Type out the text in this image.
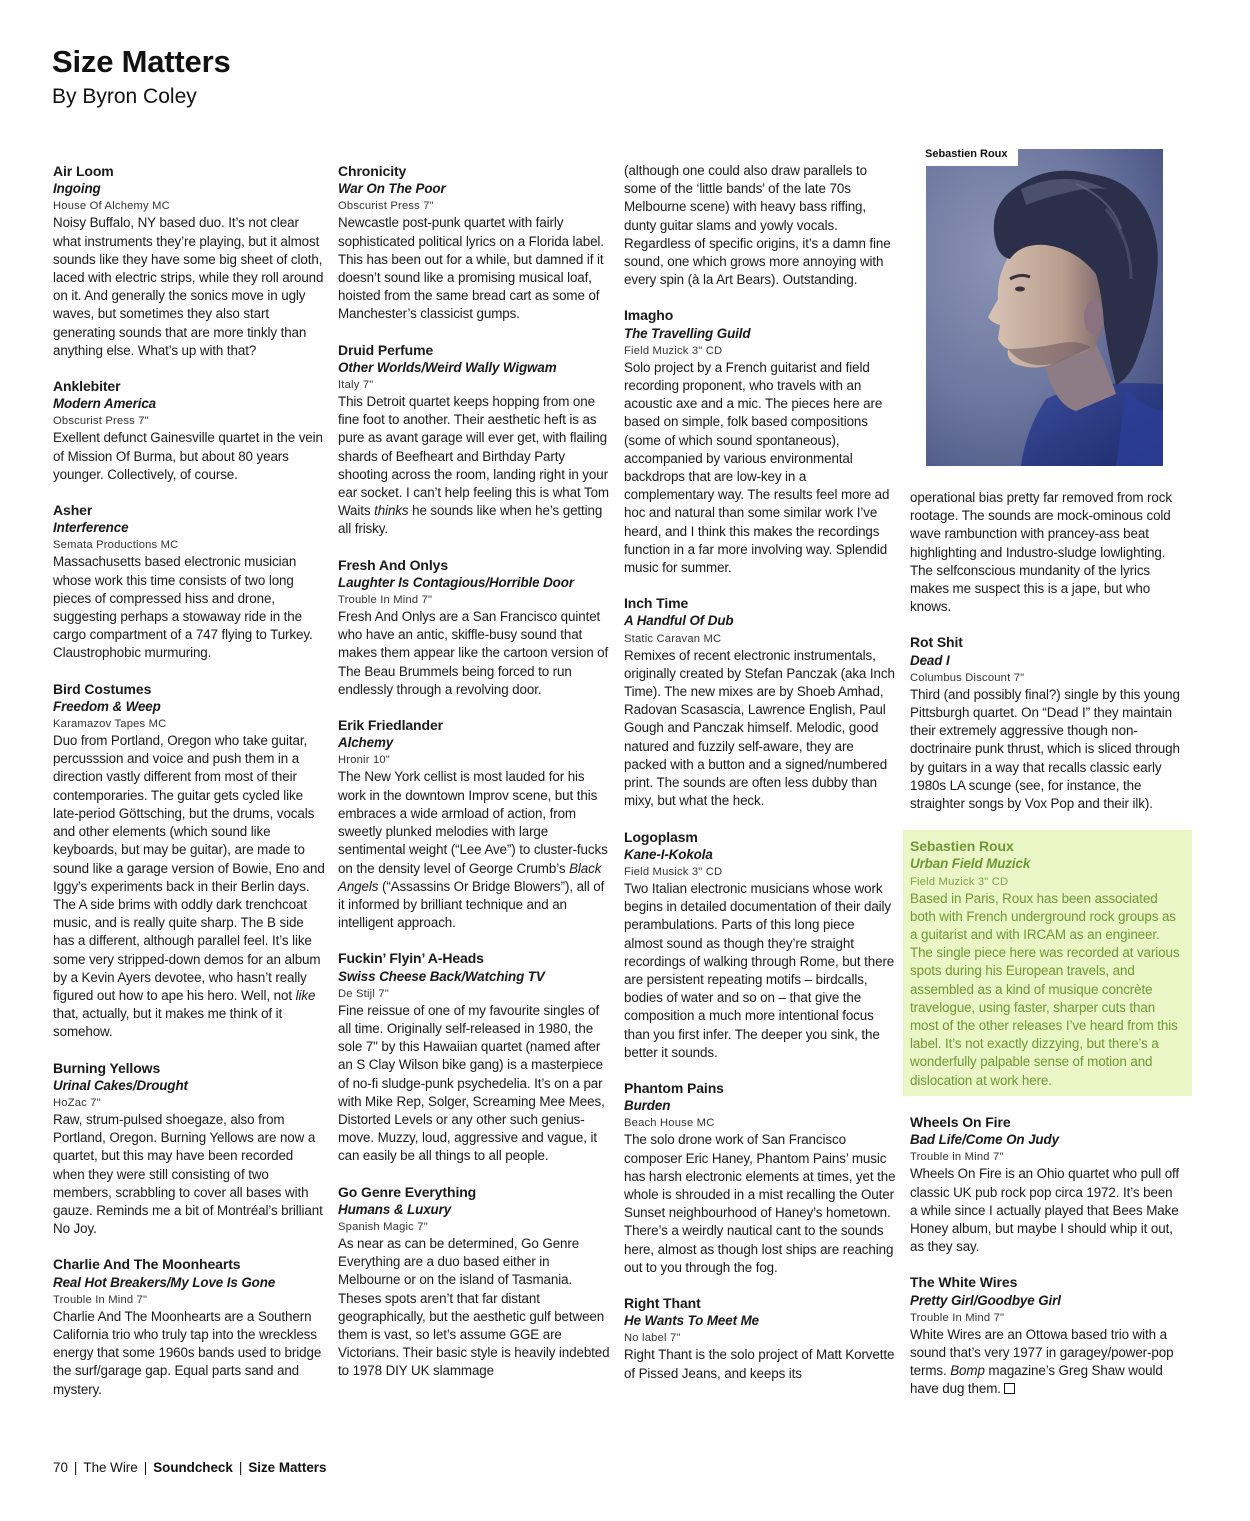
Size Matters
By Byron Coley
Air Loom
Ingoing
House Of Alchemy MC
Noisy Buffalo, NY based duo. It’s not clear what instruments they’re playing, but it almost sounds like they have some big sheet of cloth, laced with electric strips, while they roll around on it. And generally the sonics move in ugly waves, but sometimes they also start generating sounds that are more tinkly than anything else. What’s up with that?
Anklebiter
Modern America
Obscurist Press 7"
Exellent defunct Gainesville quartet in the vein of Mission Of Burma, but about 80 years younger. Collectively, of course.
Asher
Interference
Semata Productions MC
Massachusetts based electronic musician whose work this time consists of two long pieces of compressed hiss and drone, suggesting perhaps a stowaway ride in the cargo compartment of a 747 flying to Turkey. Claustrophobic murmuring.
Bird Costumes
Freedom & Weep
Karamazov Tapes MC
Duo from Portland, Oregon who take guitar, percusssion and voice and push them in a direction vastly different from most of their contemporaries. The guitar gets cycled like late-period Göttsching, but the drums, vocals and other elements (which sound like keyboards, but may be guitar), are made to sound like a garage version of Bowie, Eno and Iggy’s experiments back in their Berlin days. The A side brims with oddly dark trenchcoat music, and is really quite sharp. The B side has a different, although parallel feel. It’s like some very stripped-down demos for an album by a Kevin Ayers devotee, who hasn’t really figured out how to ape his hero. Well, not like that, actually, but it makes me think of it somehow.
Burning Yellows
Urinal Cakes/Drought
HoZac 7"
Raw, strum-pulsed shoegaze, also from Portland, Oregon. Burning Yellows are now a quartet, but this may have been recorded when they were still consisting of two members, scrabbling to cover all bases with gauze. Reminds me a bit of Montréal’s brilliant No Joy.
Charlie And The Moonhearts
Real Hot Breakers/My Love Is Gone
Trouble In Mind 7"
Charlie And The Moonhearts are a Southern California trio who truly tap into the wreckless energy that some 1960s bands used to bridge the surf/garage gap. Equal parts sand and mystery.
Chronicity
War On The Poor
Obscurist Press 7"
Newcastle post-punk quartet with fairly sophisticated political lyrics on a Florida label. This has been out for a while, but damned if it doesn’t sound like a promising musical loaf, hoisted from the same bread cart as some of Manchester’s classicist gumps.
Druid Perfume
Other Worlds/Weird Wally Wigwam
Italy 7"
This Detroit quartet keeps hopping from one fine foot to another. Their aesthetic heft is as pure as avant garage will ever get, with flailing shards of Beefheart and Birthday Party shooting across the room, landing right in your ear socket. I can’t help feeling this is what Tom Waits thinks he sounds like when he’s getting all frisky.
Fresh And Onlys
Laughter Is Contagious/Horrible Door
Trouble In Mind 7"
Fresh And Onlys are a San Francisco quintet who have an antic, skiffle-busy sound that makes them appear like the cartoon version of The Beau Brummels being forced to run endlessly through a revolving door.
Erik Friedlander
Alchemy
Hronir 10"
The New York cellist is most lauded for his work in the downtown Improv scene, but this embraces a wide armload of action, from sweetly plunked melodies with large sentimental weight (“Lee Ave”) to cluster-fucks on the density level of George Crumb’s Black Angels (“Assassins Or Bridge Blowers”), all of it informed by brilliant technique and an intelligent approach.
Fuckin’ Flyin’ A-Heads
Swiss Cheese Back/Watching TV
De Stijl 7"
Fine reissue of one of my favourite singles of all time. Originally self-released in 1980, the sole 7" by this Hawaiian quartet (named after an S Clay Wilson bike gang) is a masterpiece of no-fi sludge-punk psychedelia. It’s on a par with Mike Rep, Solger, Screaming Mee Mees, Distorted Levels or any other such genius-move. Muzzy, loud, aggressive and vague, it can easily be all things to all people.
Go Genre Everything
Humans & Luxury
Spanish Magic 7"
As near as can be determined, Go Genre Everything are a duo based either in Melbourne or on the island of Tasmania. Theses spots aren’t that far distant geographically, but the aesthetic gulf between them is vast, so let’s assume GGE are Victorians. Their basic style is heavily indebted to 1978 DIY UK slammage
(although one could also draw parallels to some of the ‘little bands’ of the late 70s Melbourne scene) with heavy bass riffing, dunty guitar slams and yowly vocals. Regardless of specific origins, it’s a damn fine sound, one which grows more annoying with every spin (à la Art Bears). Outstanding.
Imagho
The Travelling Guild
Field Muzick 3" CD
Solo project by a French guitarist and field recording proponent, who travels with an acoustic axe and a mic. The pieces here are based on simple, folk based compositions (some of which sound spontaneous), accompanied by various environmental backdrops that are low-key in a complementary way. The results feel more ad hoc and natural than some similar work I’ve heard, and I think this makes the recordings function in a far more involving way. Splendid music for summer.
Inch Time
A Handful Of Dub
Static Caravan MC
Remixes of recent electronic instrumentals, originally created by Stefan Panczak (aka Inch Time). The new mixes are by Shoeb Amhad, Radovan Scasascia, Lawrence English, Paul Gough and Panczak himself. Melodic, good natured and fuzzily self-aware, they are packed with a button and a signed/numbered print. The sounds are often less dubby than mixy, but what the heck.
Logoplasm
Kane-I-Kokola
Field Musick 3" CD
Two Italian electronic musicians whose work begins in detailed documentation of their daily perambulations. Parts of this long piece almost sound as though they’re straight recordings of walking through Rome, but there are persistent repeating motifs – birdcalls, bodies of water and so on – that give the composition a much more intentional focus than you first infer. The deeper you sink, the better it sounds.
Phantom Pains
Burden
Beach House MC
The solo drone work of San Francisco composer Eric Haney, Phantom Pains’ music has harsh electronic elements at times, yet the whole is shrouded in a mist recalling the Outer Sunset neighbourhood of Haney’s hometown. There’s a weirdly nautical cant to the sounds here, almost as though lost ships are reaching out to you through the fog.
Right Thant
He Wants To Meet Me
No label 7"
Right Thant is the solo project of Matt Korvette of Pissed Jeans, and keeps its
Sebastien Roux
operational bias pretty far removed from rock rootage. The sounds are mock-ominous cold wave rambunction with prancey-ass beat highlighting and Industro-sludge lowlighting. The selfconscious mundanity of the lyrics makes me suspect this is a jape, but who knows.
Rot Shit
Dead I
Columbus Discount 7"
Third (and possibly final?) single by this young Pittsburgh quartet. On “Dead I” they maintain their extremely aggressive though non-doctrinaire punk thrust, which is sliced through by guitars in a way that recalls classic early 1980s LA scunge (see, for instance, the straighter songs by Vox Pop and their ilk).
Sebastien Roux
Urban Field Muzick
Field Muzick 3" CD
Based in Paris, Roux has been associated both with French underground rock groups as a guitarist and with IRCAM as an engineer. The single piece here was recorded at various spots during his European travels, and assembled as a kind of musique concrète travelogue, using faster, sharper cuts than most of the other releases I’ve heard from this label. It’s not exactly dizzying, but there’s a wonderfully palpable sense of motion and dislocation at work here.
Wheels On Fire
Bad Life/Come On Judy
Trouble in Mind 7"
Wheels On Fire is an Ohio quartet who pull off classic UK pub rock pop circa 1972. It’s been a while since I actually played that Bees Make Honey album, but maybe I should whip it out, as they say.
The White Wires
Pretty Girl/Goodbye Girl
Trouble In Mind 7"
White Wires are an Ottowa based trio with a sound that’s very 1977 in garagey/power-pop terms. Bomp magazine’s Greg Shaw would have dug them.
70 | The Wire | Soundcheck | Size Matters
